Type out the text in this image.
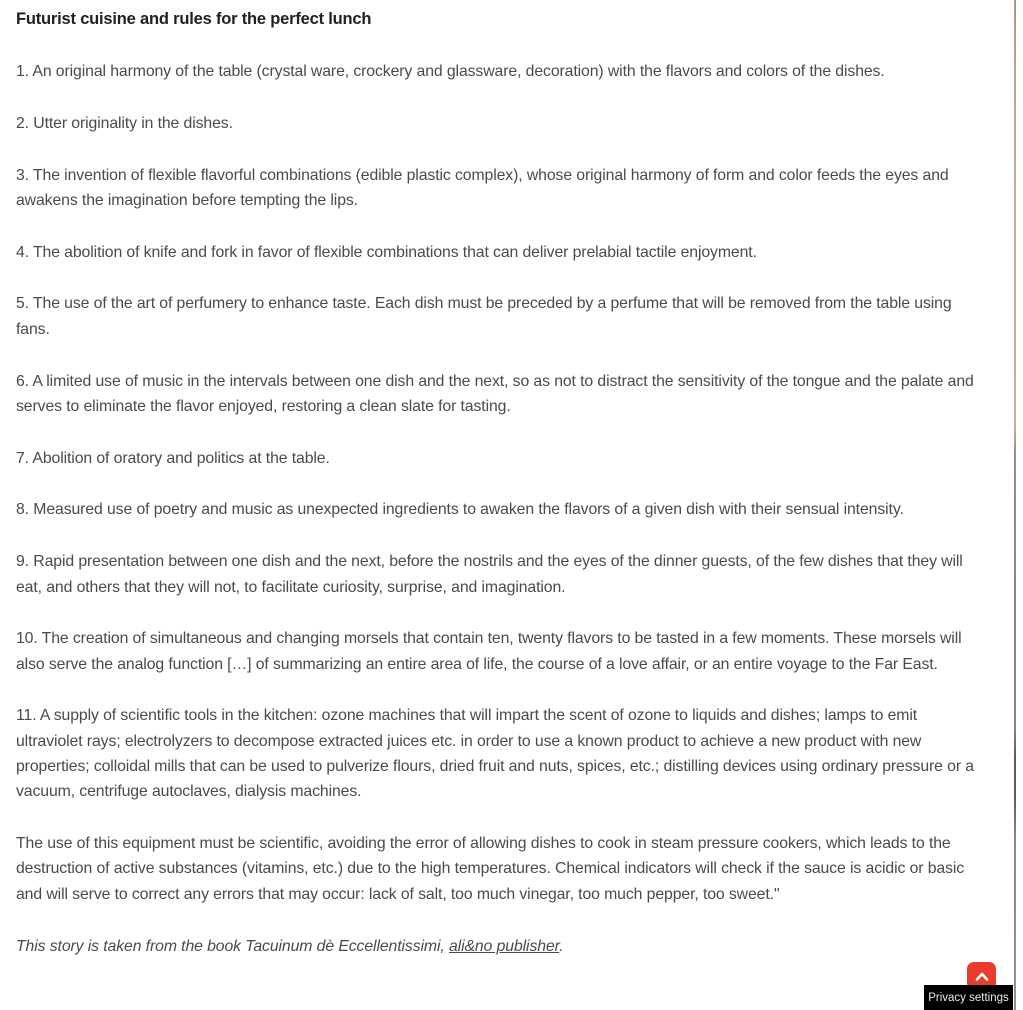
Futurist cuisine and rules for the perfect lunch

1. An original harmony of the table (crystal ware, crockery and glassware, decoration) with the flavors and colors of the dishes.

2. Utter originality in the dishes.

3. The invention of flexible flavorful combinations (edible plastic complex), whose original harmony of form and color feeds the eyes and awakens the imagination before tempting the lips.

4. The abolition of knife and fork in favor of flexible combinations that can deliver prelabial tactile enjoyment.

5. The use of the art of perfumery to enhance taste. Each dish must be preceded by a perfume that will be removed from the table using fans.

6. A limited use of music in the intervals between one dish and the next, so as not to distract the sensitivity of the tongue and the palate and serves to eliminate the flavor enjoyed, restoring a clean slate for tasting.

7. Abolition of oratory and politics at the table.

8. Measured use of poetry and music as unexpected ingredients to awaken the flavors of a given dish with their sensual intensity.

9. Rapid presentation between one dish and the next, before the nostrils and the eyes of the dinner guests, of the few dishes that they will eat, and others that they will not, to facilitate curiosity, surprise, and imagination.

10. The creation of simultaneous and changing morsels that contain ten, twenty flavors to be tasted in a few moments. These morsels will also serve the analog function […] of summarizing an entire area of life, the course of a love affair, or an entire voyage to the Far East.

11. A supply of scientific tools in the kitchen: ozone machines that will impart the scent of ozone to liquids and dishes; lamps to emit ultraviolet rays; electrolyzers to decompose extracted juices etc. in order to use a known product to achieve a new product with new properties; colloidal mills that can be used to pulverize flours, dried fruit and nuts, spices, etc.; distilling devices using ordinary pressure or a vacuum, centrifuge autoclaves, dialysis machines.

The use of this equipment must be scientific, avoiding the error of allowing dishes to cook in steam pressure cookers, which leads to the destruction of active substances (vitamins, etc.) due to the high temperatures. Chemical indicators will check if the sauce is acidic or basic and will serve to correct any errors that may occur: lack of salt, too much vinegar, too much pepper, too sweet."

This story is taken from the book Tacuinum dè Eccellentissimi, ali&no publisher.

Privacy settings
